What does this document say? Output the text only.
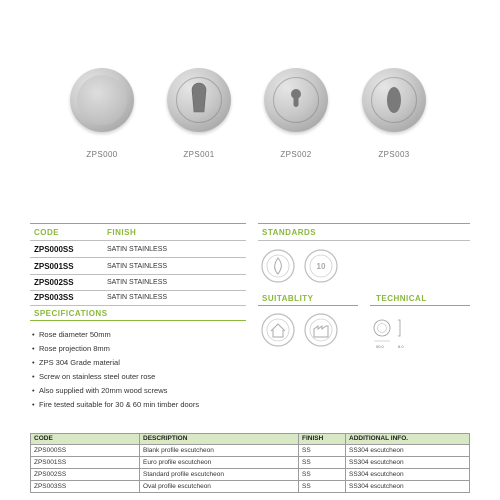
ZPS000	ZPS001	ZPS002	ZPS003
CODE	FINISH
ZPS000SS	SATIN STAINLESS
ZPS001SS	SATIN STAINLESS
ZPS002SS	SATIN STAINLESS
ZPS003SS	SATIN STAINLESS
SPECIFICATIONS
• Rose diameter 50mm
• Rose projection 8mm
• ZPS 304 Grade material
• Screw on stainless steel outer rose
• Also supplied with 20mm wood screws
• Fire tested suitable for 30 & 60 min timber doors
STANDARDS
10
SUITABLITY	TECHNICAL
50.0	8.0
CODE	DESCRIPTION	FINISH	ADDITIONAL INFO.
ZPS000SS	Blank profile escutcheon	SS	SS304 escutcheon
ZPS001SS	Euro profile escutcheon	SS	SS304 escutcheon
ZPS002SS	Standard profile escutcheon	SS	SS304 escutcheon
ZPS003SS	Oval profile escutcheon	SS	SS304 escutcheon
